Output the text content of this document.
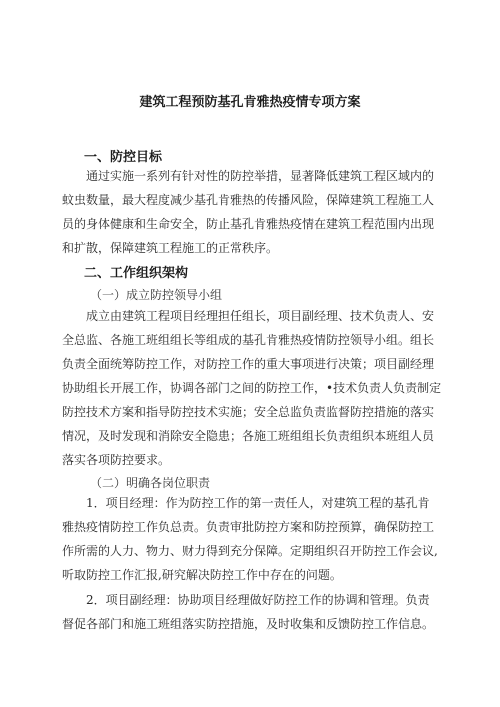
建筑工程预防基孔肯雅热疫情专项方案
一、防控目标
通过实施一系列有针对性的防控举措，显著降低建筑工程区域内的
蚊虫数量，最大程度减少基孔肯雅热的传播风险，保障建筑工程施工人
员的身体健康和生命安全，防止基孔肯雅热疫情在建筑工程范围内出现
和扩散，保障建筑工程施工的正常秩序。
二、工作组织架构
（一）成立防控领导小组
成立由建筑工程项目经理担任组长，项目副经理、技术负责人、安
全总监、各施工班组组长等组成的基孔肯雅热疫情防控领导小组。组长
负责全面统筹防控工作，对防控工作的重大事项进行决策；项目副经理
协助组长开展工作，协调各部门之间的防控工作，•技术负责人负责制定
防控技术方案和指导防控技术实施；安全总监负责监督防控措施的落实
情况，及时发现和消除安全隐患；各施工班组组长负责组织本班组人员
落实各项防控要求。
（二）明确各岗位职责
1．项目经理：作为防控工作的第一责任人，对建筑工程的基孔肯
雅热疫情防控工作负总责。负责审批防控方案和防控预算，确保防控工
作所需的人力、物力、财力得到充分保障。定期组织召开防控工作会议,
听取防控工作汇报,研究解决防控工作中存在的问题。
2．项目副经理：协助项目经理做好防控工作的协调和管理。负责
督促各部门和施工班组落实防控措施，及时收集和反馈防控工作信息。
